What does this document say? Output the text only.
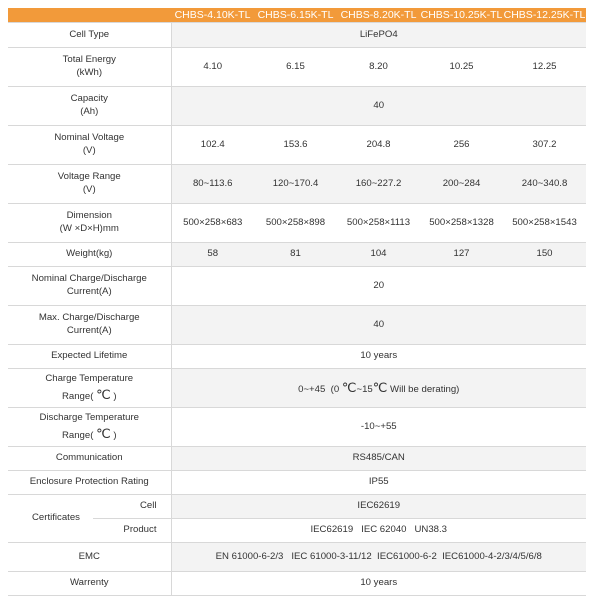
		CHBS-4.10K-TL	CHBS-6.15K-TL	CHBS-8.20K-TL	CHBS-10.25K-TL	CHBS-12.25K-TL
Cell Type		LiFePO4				
Total Energy
(kWh)		4.10	6.15	8.20	10.25	12.25
Capacity
(Ah)		40				
Nominal Voltage
(V)		102.4	153.6	204.8	256	307.2
Voltage Range
(V)		80~113.6	120~170.4	160~227.2	200~284	240~340.8
Dimension
(W ×D×H)mm		500×258×683	500×258×898	500×258×1113	500×258×1328	500×258×1543
Weight(kg)		58	81	104	127	150
Nominal Charge/Discharge
Current(A)		20				
Max. Charge/Discharge
Current(A)		40				
Expected Lifetime		10 years				
Charge Temperature
Range( ℃ )		0~+45 (0 ℃~15℃ Will be derating)				
Discharge Temperature
Range( ℃ )		-10~+55				
Communication		RS485/CAN				
Enclosure Protection Rating		IP55				
Certificates	Cell	IEC62619				
	Product	IEC62619   IEC 62040   UN38.3				
EMC		EN 61000-6-2/3   IEC 61000-3-11/12  IEC61000-6-2  IEC61000-4-2/3/4/5/6/8				
Warrenty		10 years				
